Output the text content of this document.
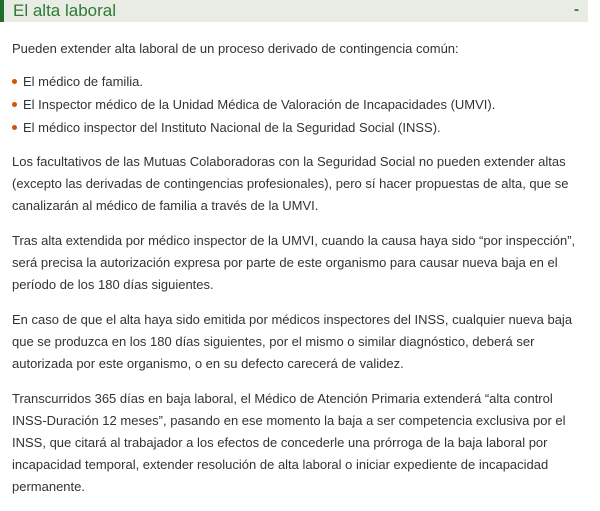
El alta laboral	-

Pueden extender alta laboral de un proceso derivado de contingencia común:

El médico de familia.
El Inspector médico de la Unidad Médica de Valoración de Incapacidades (UMVI).
El médico inspector del Instituto Nacional de la Seguridad Social (INSS).

Los facultativos de las Mutuas Colaboradoras con la Seguridad Social no pueden extender altas (excepto las derivadas de contingencias profesionales), pero sí hacer propuestas de alta, que se canalizarán al médico de familia a través de la UMVI.

Tras alta extendida por médico inspector de la UMVI, cuando la causa haya sido “por inspección”, será precisa la autorización expresa por parte de este organismo para causar nueva baja en el período de los 180 días siguientes.

En caso de que el alta haya sido emitida por médicos inspectores del INSS, cualquier nueva baja que se produzca en los 180 días siguientes, por el mismo o similar diagnóstico, deberá ser autorizada por este organismo, o en su defecto carecerá de validez.

Transcurridos 365 días en baja laboral, el Médico de Atención Primaria extenderá “alta control INSS-Duración 12 meses”, pasando en ese momento la baja a ser competencia exclusiva por el INSS, que citará al trabajador a los efectos de concederle una prórroga de la baja laboral por incapacidad temporal, extender resolución de alta laboral o iniciar expediente de incapacidad permanente.
